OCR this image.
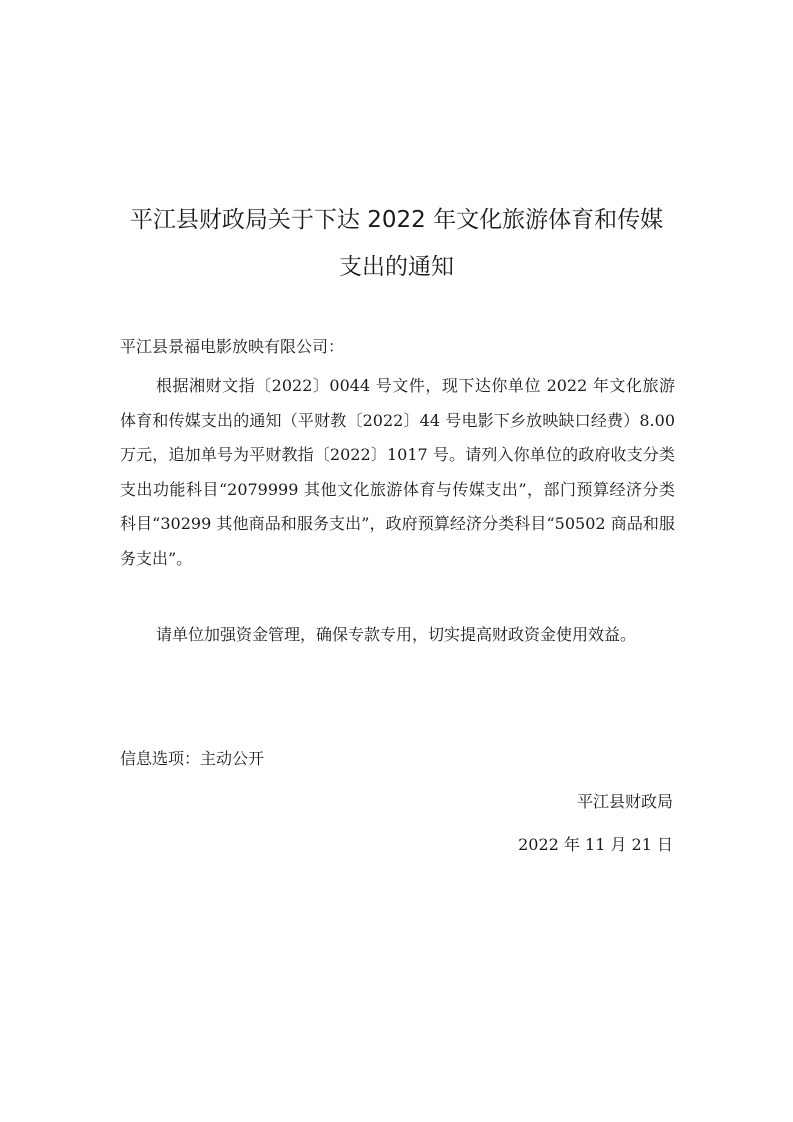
平江县财政局关于下达 2022 年文化旅游体育和传媒
支出的通知

平江县景福电影放映有限公司：

根据湘财文指〔2022〕0044 号文件，现下达你单位 2022 年文化旅游体育和传媒支出的通知（平财教〔2022〕44 号电影下乡放映缺口经费）8.00 万元，追加单号为平财教指〔2022〕1017 号。请列入你单位的政府收支分类支出功能科目“2079999 其他文化旅游体育与传媒支出”，部门预算经济分类科目“30299 其他商品和服务支出”，政府预算经济分类科目“50502 商品和服务支出”。

请单位加强资金管理，确保专款专用，切实提高财政资金使用效益。

信息选项：主动公开
平江县财政局
2022 年 11 月 21 日
